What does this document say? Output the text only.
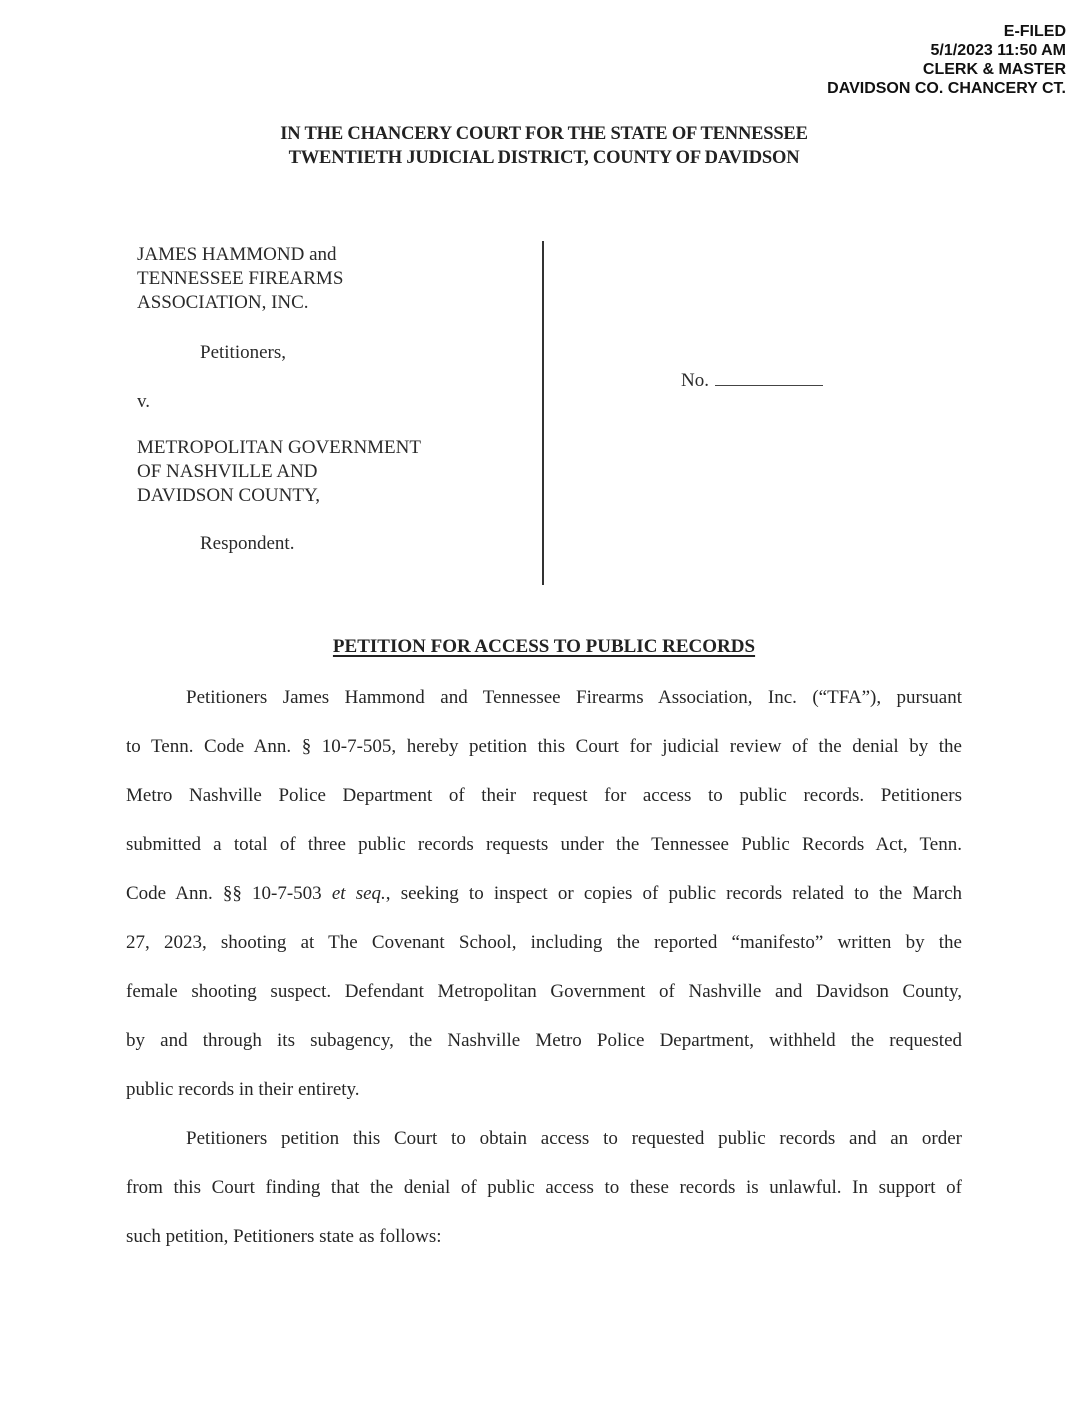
E-FILED
5/1/2023 11:50 AM
CLERK & MASTER
DAVIDSON CO. CHANCERY CT.
IN THE CHANCERY COURT FOR THE STATE OF TENNESSEE
TWENTIETH JUDICIAL DISTRICT, COUNTY OF DAVIDSON
JAMES HAMMOND and
TENNESSEE FIREARMS
ASSOCIATION, INC.
Petitioners,
v.
METROPOLITAN GOVERNMENT
OF NASHVILLE AND
DAVIDSON COUNTY,
Respondent.
No.
PETITION FOR ACCESS TO PUBLIC RECORDS
Petitioners James Hammond and Tennessee Firearms Association, Inc. (“TFA”), pursuant
to Tenn. Code Ann. § 10-7-505, hereby petition this Court for judicial review of the denial by the
Metro Nashville Police Department of their request for access to public records. Petitioners
submitted a total of three public records requests under the Tennessee Public Records Act, Tenn.
Code Ann. §§ 10-7-503 et seq., seeking to inspect or copies of public records related to the March
27, 2023, shooting at The Covenant School, including the reported “manifesto” written by the
female shooting suspect. Defendant Metropolitan Government of Nashville and Davidson County,
by and through its subagency, the Nashville Metro Police Department, withheld the requested
public records in their entirety.
Petitioners petition this Court to obtain access to requested public records and an order
from this Court finding that the denial of public access to these records is unlawful. In support of
such petition, Petitioners state as follows:
